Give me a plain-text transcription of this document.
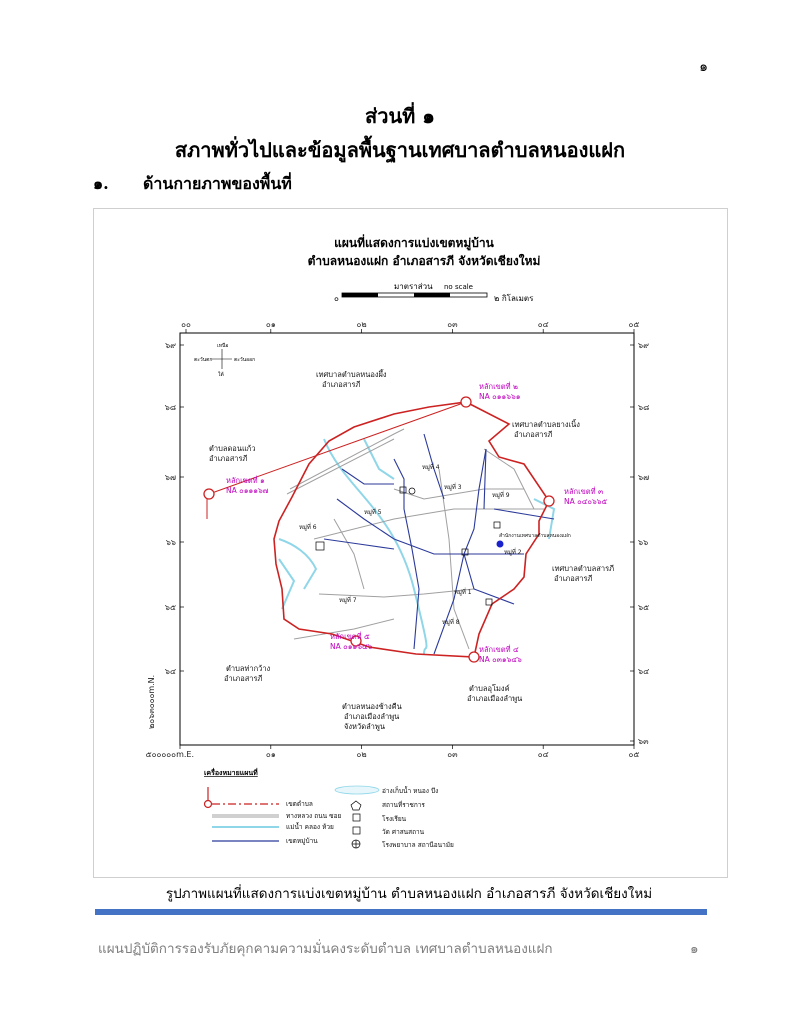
๑
ส่วนที่ ๑
สภาพทั่วไปและข้อมูลพื้นฐานเทศบาลตำบลหนองแฝก
๑. ด้านกายภาพของพื้นที่
แผนที่แสดงการแบ่งเขตหมู่บ้าน
ตำบลหนองแฝก อำเภอสารภี จังหวัดเชียงใหม่
มาตราส่วน no scale
๐	๒ กิโลเมตร
๐๐	๐๑	๐๒	๐๓	๐๔	๐๕
๕๐๐๐๐๐m.E.	๐๑	๐๒	๐๓	๐๔	๐๕
๖๙
๖๘
๖๗
๖๖
๖๕
๖๔
๖๙
๖๘
๖๗
๖๖
๖๕
๖๔
๖๓
เหนือ
ใต้
ตะวันตก	ตะวันออก
หลักเขตที่ ๒
NA ๐๑๑๖๖๑
หลักเขตที่ ๓
NA ๐๔๐๖๖๕
หลักเขตที่ ๑
NA ๐๑๑๑๖๗
หลักเขตที่ ๕
NA ๐๑๑๖๔๖	หลักเขตที่ ๔
NA ๐๓๑๖๔๖
เทศบาลตำบลหนองผึ้ง
อำเภอสารภี
เทศบาลตำบลยางเนิ้ง
อำเภอสารภี
ตำบลดอนแก้ว
อำเภอสารภี
เทศบาลตำบลสารภี
อำเภอสารภี
ตำบลท่ากว้าง
อำเภอสารภี
ตำบลหนองช้างคืน
อำเภอเมืองลำพูน
จังหวัดลำพูน
ตำบลอุโมงค์
อำเภอเมืองลำพูน
สำนักงานเทศบาลตำบลหนองแฝก
หมู่ที่ 1
หมู่ที่ 2
หมู่ที่ 3
หมู่ที่ 4
หมู่ที่ 5
หมู่ที่ 6
หมู่ที่ 7
หมู่ที่ 8
หมู่ที่ 9
๒๐๖๓๐๐๐m.N.
เครื่องหมายแผนที่
เขตตำบล
ทางหลวง ถนน ซอย
แม่น้ำ คลอง ห้วย
เขตหมู่บ้าน
อ่างเก็บน้ำ หนอง บึง
สถานที่ราชการ
โรงเรียน
วัด ศาสนสถาน
โรงพยาบาล สถานีอนามัย
รูปภาพแผนที่แสดงการแบ่งเขตหมู่บ้าน ตำบลหนองแฝก อำเภอสารภี จังหวัดเชียงใหม่
แผนปฏิบัติการรองรับภัยคุกคามความมั่นคงระดับตำบล เทศบาลตำบลหนองแฝก	๑
